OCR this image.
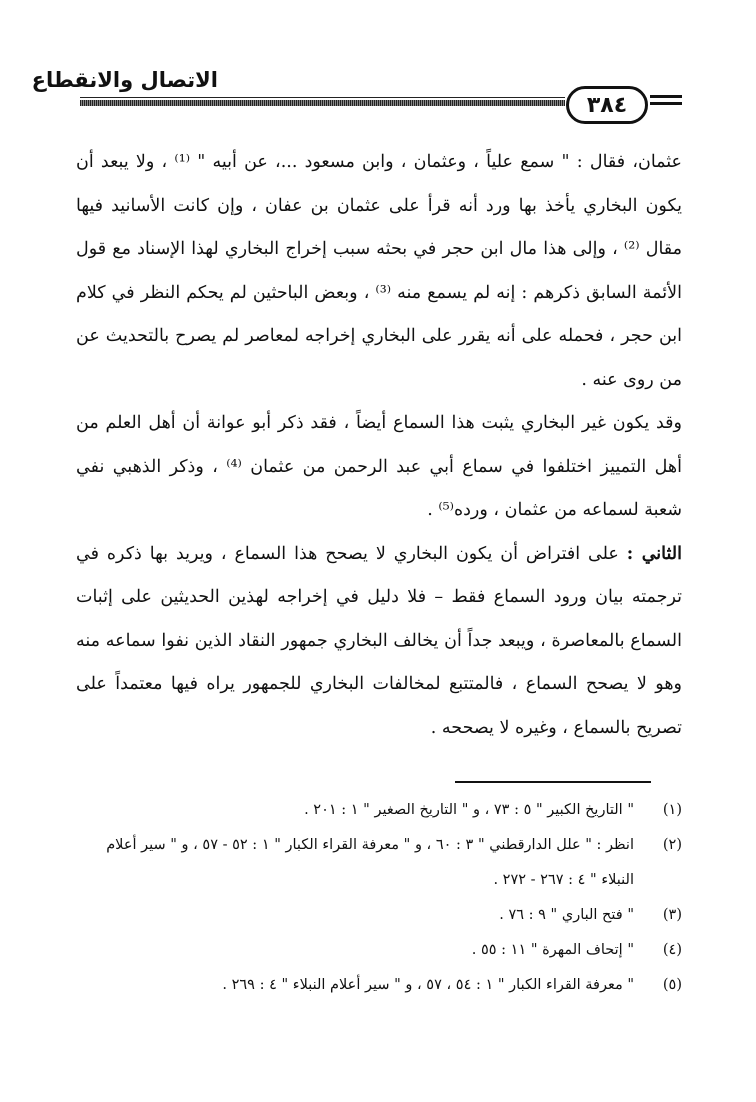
الاتصال والانقطاع
٣٨٤

عثمان، فقال : " سمع علياً ، وعثمان ، وابن مسعود ...، عن أبيه " ⁽¹⁾ ، ولا يبعد أن يكون البخاري يأخذ بها ورد أنه قرأ على عثمان بن عفان ، وإن كانت الأسانيد فيها مقال ⁽²⁾ ، وإلى هذا مال ابن حجر في بحثه سبب إخراج البخاري لهذا الإسناد مع قول الأئمة السابق ذكرهم : إنه لم يسمع منه ⁽³⁾ ، وبعض الباحثين لم يحكم النظر في كلام ابن حجر ، فحمله على أنه يقرر على البخاري إخراجه لمعاصر لم يصرح بالتحديث عن من روى عنه .

وقد يكون غير البخاري يثبت هذا السماع أيضاً ، فقد ذكر أبو عوانة أن أهل العلم من أهل التمييز اختلفوا في سماع أبي عبد الرحمن من عثمان ⁽⁴⁾ ، وذكر الذهبي نفي شعبة لسماعه من عثمان ، ورده⁽⁵⁾ .

الثاني : على افتراض أن يكون البخاري لا يصحح هذا السماع ، ويريد بها ذكره في ترجمته بيان ورود السماع فقط – فلا دليل في إخراجه لهذين الحديثين على إثبات السماع بالمعاصرة ، ويبعد جداً أن يخالف البخاري جمهور النقاد الذين نفوا سماعه منه وهو لا يصحح السماع ، فالمتتبع لمخالفات البخاري للجمهور يراه فيها معتمداً على تصريح بالسماع ، وغيره لا يصححه .

(١)
" التاريخ الكبير " ٥ : ٧٣ ، و " التاريخ الصغير " ١ : ٢٠١ .
(٢)
انظر : " علل الدارقطني " ٣ : ٦٠ ، و " معرفة القراء الكبار " ١ : ٥٢ - ٥٧ ، و " سير أعلام النبلاء " ٤ : ٢٦٧ - ٢٧٢ .
(٣)
" فتح الباري " ٩ : ٧٦ .
(٤)
" إتحاف المهرة " ١١ : ٥٥ .
(٥)
" معرفة القراء الكبار " ١ : ٥٤ ، ٥٧ ، و " سير أعلام النبلاء " ٤ : ٢٦٩ .
